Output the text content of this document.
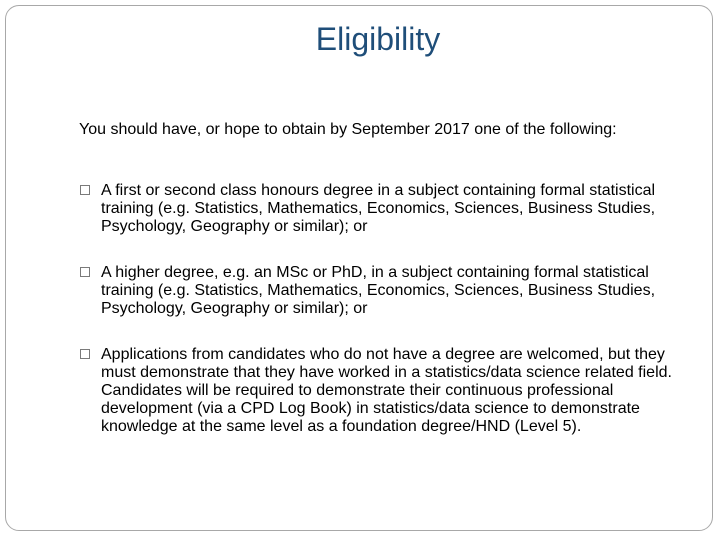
Eligibility
You should have, or hope to obtain by September 2017 one of the following:
A first or second class honours degree in a subject containing formal statistical training (e.g. Statistics, Mathematics, Economics, Sciences, Business Studies, Psychology, Geography or similar); or
A higher degree, e.g. an MSc or PhD, in a subject containing formal statistical training (e.g. Statistics, Mathematics, Economics, Sciences, Business Studies, Psychology, Geography or similar); or
Applications from candidates who do not have a degree are welcomed, but they must demonstrate that they have worked in a statistics/data science related field. Candidates will be required to demonstrate their continuous professional development (via a CPD Log Book) in statistics/data science to demonstrate knowledge at the same level as a foundation degree/HND (Level 5).
